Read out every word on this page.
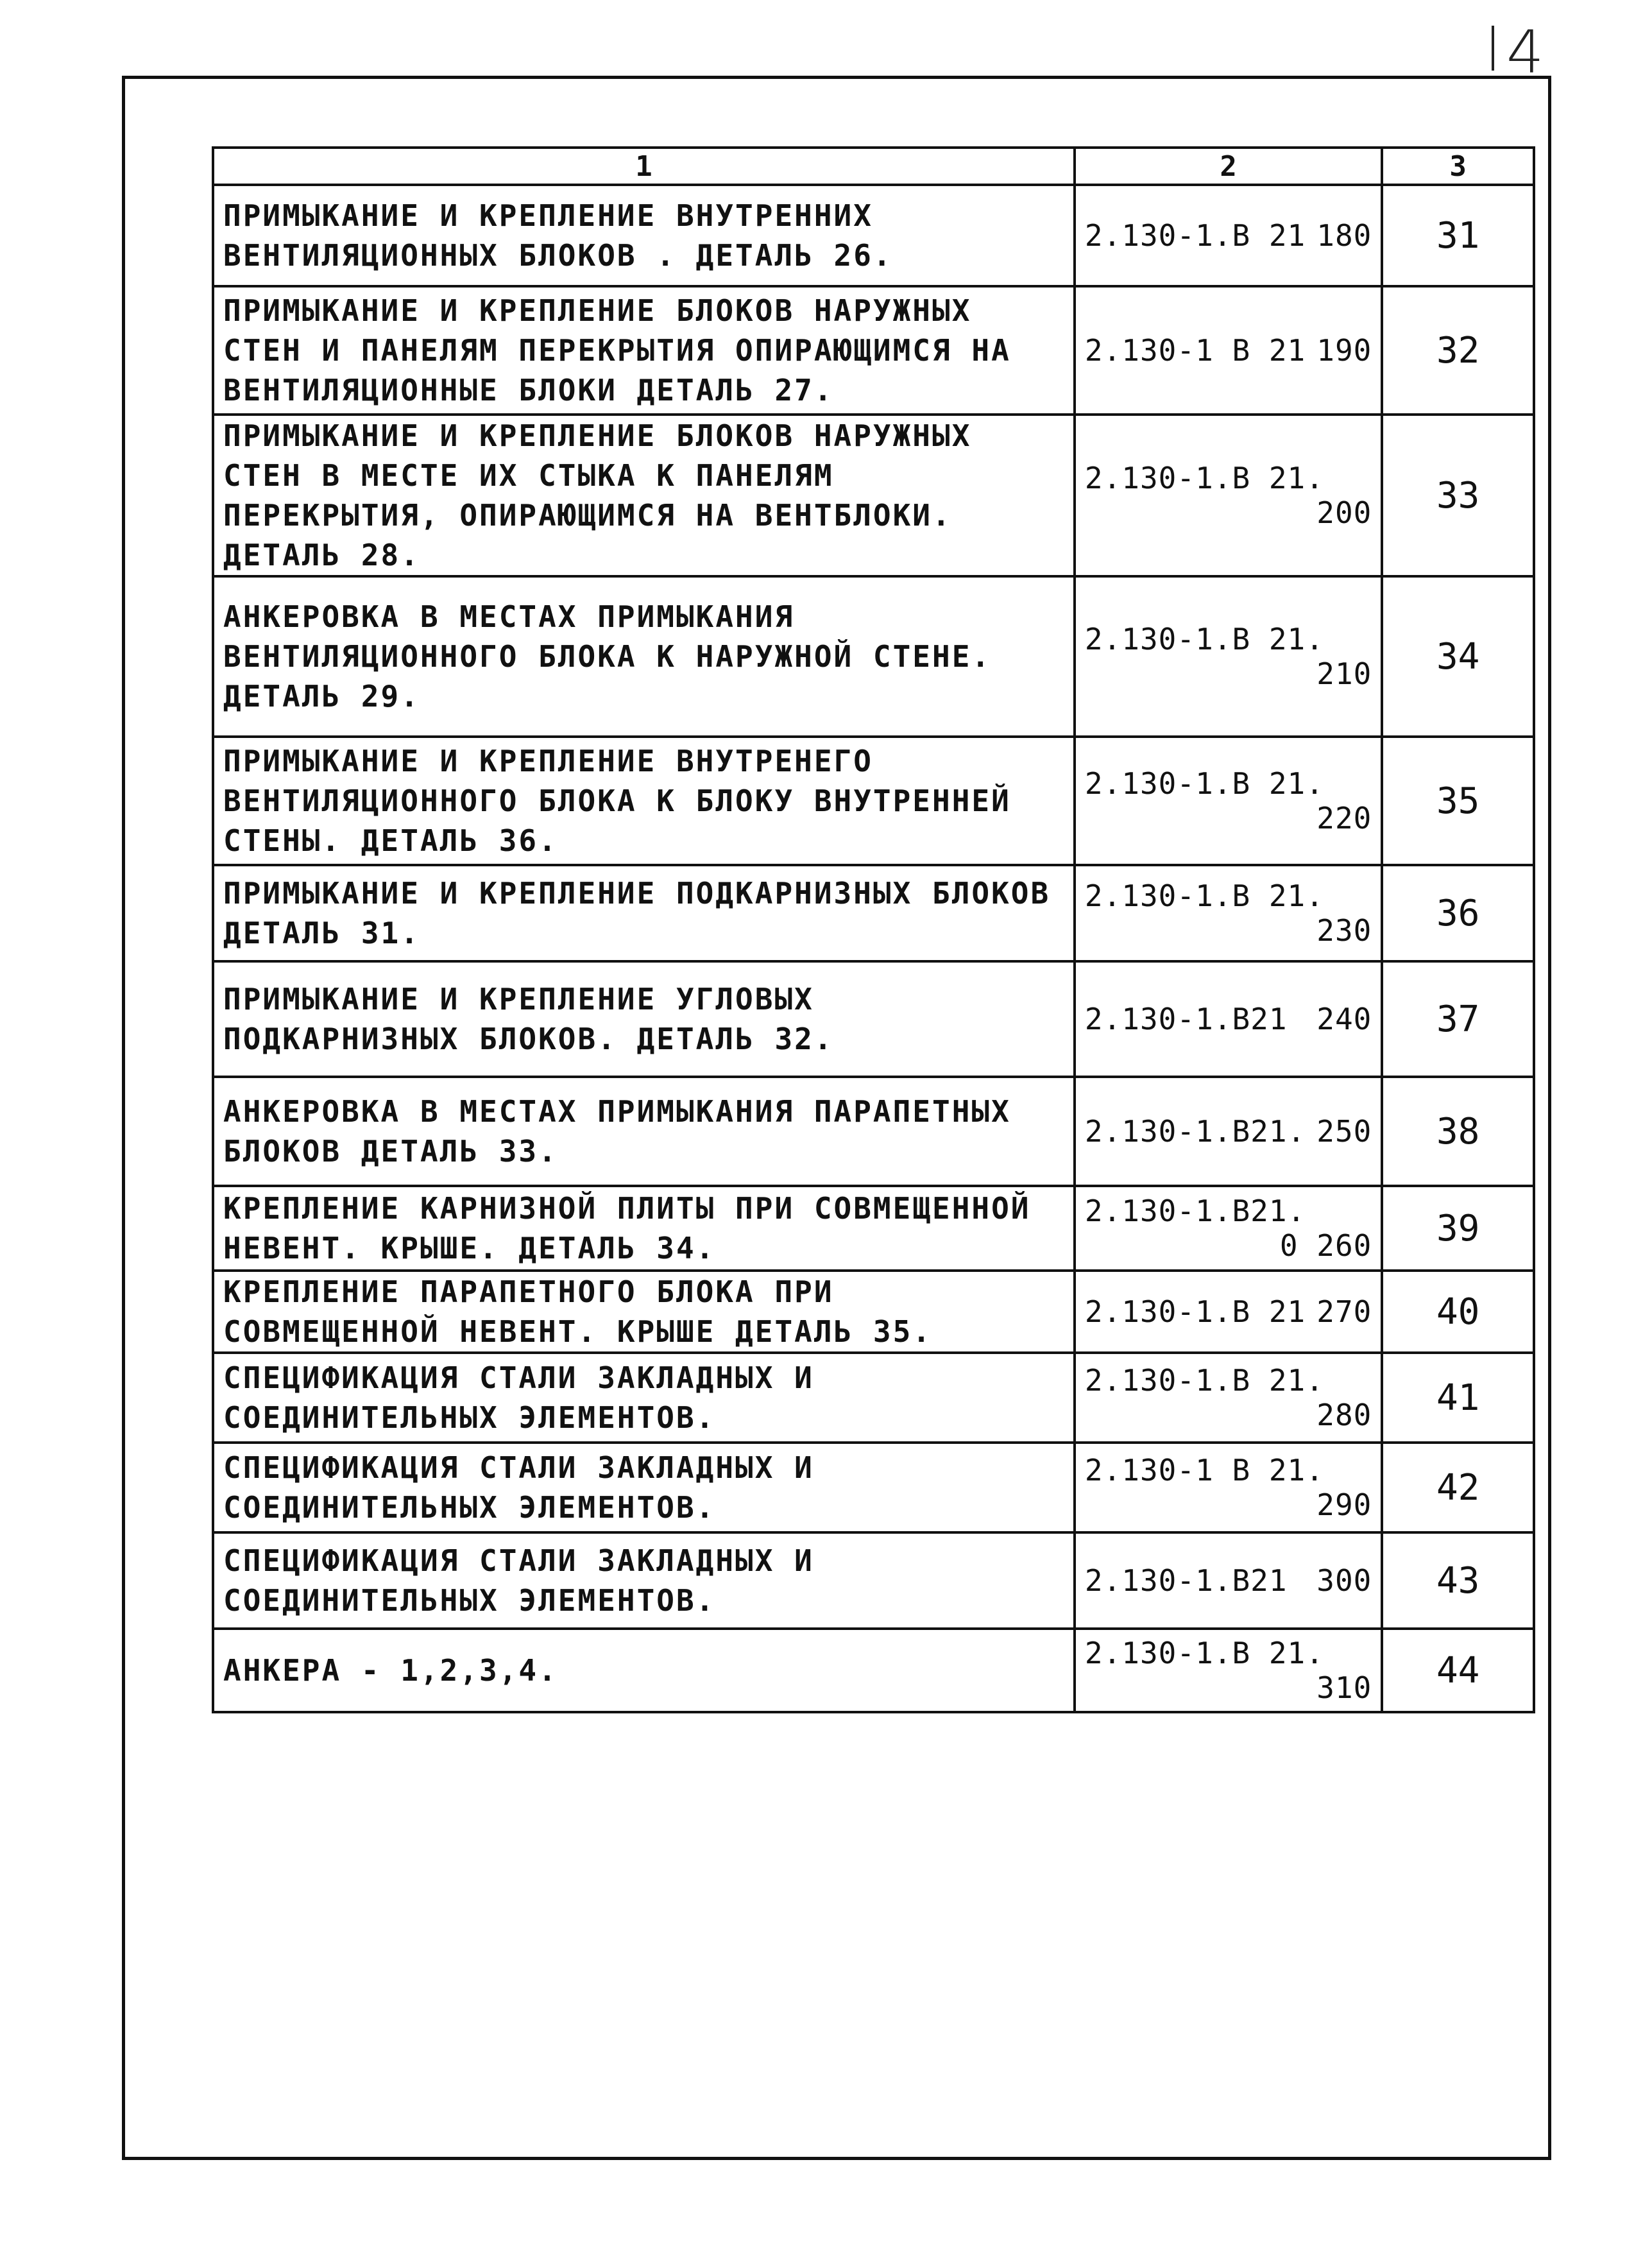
4
1	2	3
ПРИМЫКАНИЕ И КРЕПЛЕНИЕ ВНУТРЕННИХ ВЕНТИЛЯЦИОННЫХ БЛОКОВ . ДЕТАЛЬ 26.	2.130-1.В 21 180	31
ПРИМЫКАНИЕ И КРЕПЛЕНИЕ БЛОКОВ НАРУЖНЫХ СТЕН И ПАНЕЛЯМ ПЕРЕКРЫТИЯ ОПИРАЮЩИМСЯ НА ВЕНТИЛЯЦИОННЫЕ БЛОКИ ДЕТАЛЬ 27.	2.130-1 В 21 190	32
ПРИМЫКАНИЕ И КРЕПЛЕНИЕ БЛОКОВ НАРУЖНЫХ СТЕН В МЕСТЕ ИХ СТЫКА К ПАНЕЛЯМ ПЕРЕКРЫТИЯ, ОПИРАЮЩИМСЯ НА ВЕНТБЛОКИ. ДЕТАЛЬ 28.	2.130-1.В 21.
200	33
АНКЕРОВКА В МЕСТАХ ПРИМЫКАНИЯ ВЕНТИЛЯЦИОННОГО БЛОКА К НАРУЖНОЙ СТЕНЕ. ДЕТАЛЬ 29.	2.130-1.В 21.
210	34
ПРИМЫКАНИЕ И КРЕПЛЕНИЕ ВНУТРЕНЕГО ВЕНТИЛЯЦИОННОГО БЛОКА К БЛОКУ ВНУТРЕННЕЙ СТЕНЫ. ДЕТАЛЬ 36.	2.130-1.В 21.
220	35
ПРИМЫКАНИЕ И КРЕПЛЕНИЕ ПОДКАРНИЗНЫХ БЛОКОВ ДЕТАЛЬ 31.	2.130-1.В 21.
230	36
ПРИМЫКАНИЕ И КРЕПЛЕНИЕ УГЛОВЫХ ПОДКАРНИЗНЫХ БЛОКОВ. ДЕТАЛЬ 32.	2.130-1.В21 240	37
АНКЕРОВКА В МЕСТАХ ПРИМЫКАНИЯ ПАРАПЕТНЫХ БЛОКОВ ДЕТАЛЬ 33.	2.130-1.В21. 250	38
КРЕПЛЕНИЕ КАРНИЗНОЙ ПЛИТЫ ПРИ СОВМЕЩЕННОЙ НЕВЕНТ. КРЫШЕ. ДЕТАЛЬ 34.	2.130-1.В21.
0 260	39
КРЕПЛЕНИЕ ПАРАПЕТНОГО БЛОКА ПРИ СОВМЕЩЕННОЙ НЕВЕНТ. КРЫШЕ ДЕТАЛЬ 35.	2.130-1.В 21 270	40
СПЕЦИФИКАЦИЯ СТАЛИ ЗАКЛАДНЫХ И СОЕДИНИТЕЛЬНЫХ ЭЛЕМЕНТОВ.	2.130-1.В 21.
280	41
СПЕЦИФИКАЦИЯ СТАЛИ ЗАКЛАДНЫХ И СОЕДИНИТЕЛЬНЫХ ЭЛЕМЕНТОВ.	2.130-1 В 21.
290	42
СПЕЦИФИКАЦИЯ СТАЛИ ЗАКЛАДНЫХ И СОЕДИНИТЕЛЬНЫХ ЭЛЕМЕНТОВ.	2.130-1.В21 300	43
АНКЕРА - 1,2,3,4.	2.130-1.В 21.
310	44
